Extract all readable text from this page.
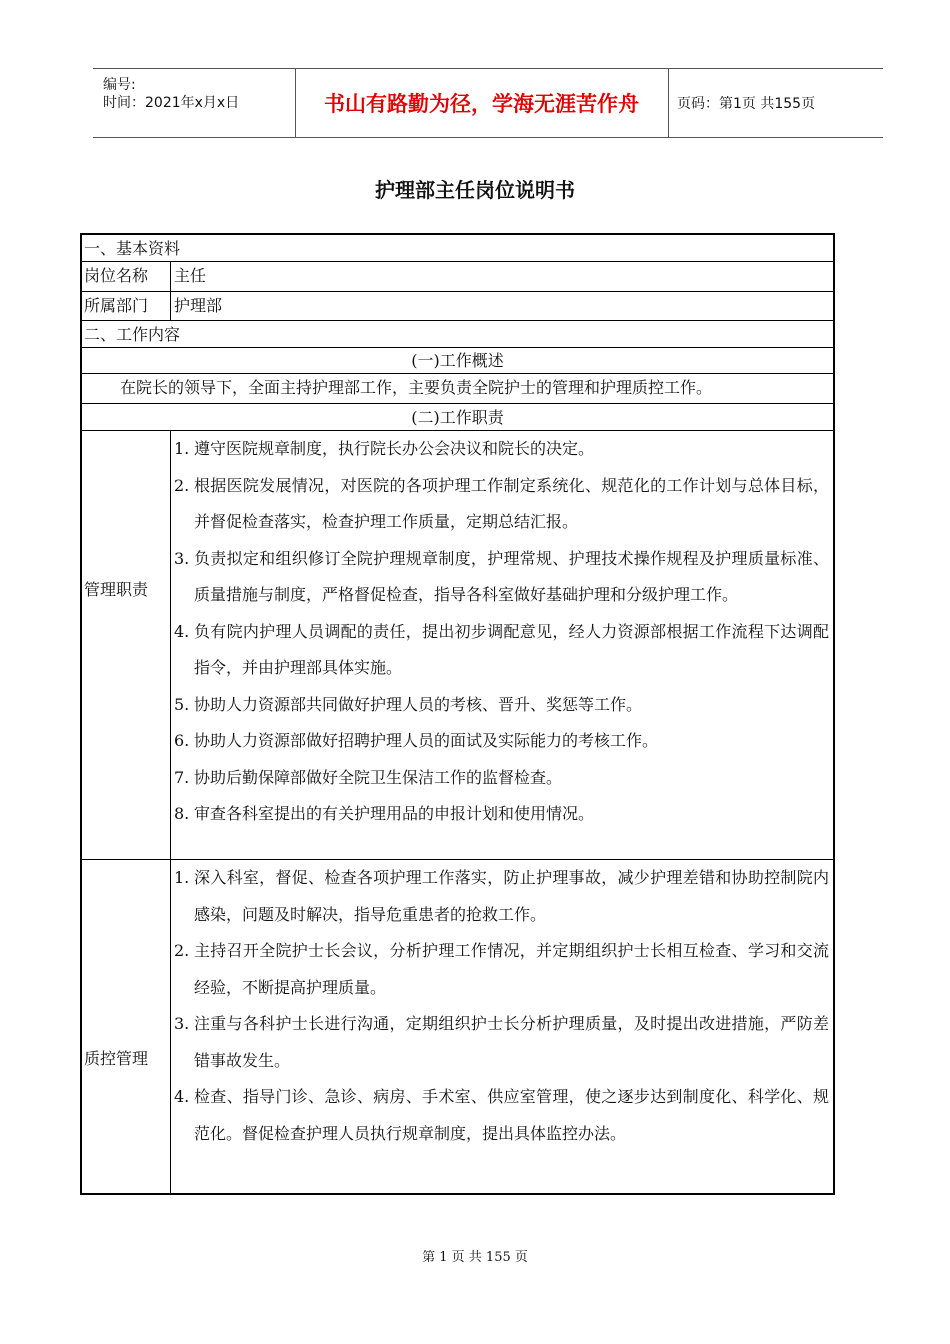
编号:
时间：2021年x月x日	书山有路勤为径，学海无涯苦作舟	页码：第1页 共155页
护理部主任岗位说明书
一、基本资料
岗位名称 主任
所属部门 护理部
二、工作内容
(一)工作概述
在院长的领导下，全面主持护理部工作，主要负责全院护士的管理和护理质控工作。
(二)工作职责
管理职责
1. 遵守医院规章制度，执行院长办公会决议和院长的决定。
2. 根据医院发展情况，对医院的各项护理工作制定系统化、规范化的工作计划与总体目标，并督促检查落实，检查护理工作质量，定期总结汇报。
3. 负责拟定和组织修订全院护理规章制度，护理常规、护理技术操作规程及护理质量标准、质量措施与制度，严格督促检查，指导各科室做好基础护理和分级护理工作。
4. 负有院内护理人员调配的责任，提出初步调配意见，经人力资源部根据工作流程下达调配指令，并由护理部具体实施。
5. 协助人力资源部共同做好护理人员的考核、晋升、奖惩等工作。
6. 协助人力资源部做好招聘护理人员的面试及实际能力的考核工作。
7. 协助后勤保障部做好全院卫生保洁工作的监督检查。
8. 审查各科室提出的有关护理用品的申报计划和使用情况。
质控管理
1. 深入科室，督促、检查各项护理工作落实，防止护理事故，减少护理差错和协助控制院内感染，问题及时解决，指导危重患者的抢救工作。
2. 主持召开全院护士长会议，分析护理工作情况，并定期组织护士长相互检查、学习和交流经验，不断提高护理质量。
3. 注重与各科护士长进行沟通，定期组织护士长分析护理质量，及时提出改进措施，严防差错事故发生。
4. 检查、指导门诊、急诊、病房、手术室、供应室管理，使之逐步达到制度化、科学化、规范化。督促检查护理人员执行规章制度，提出具体监控办法。
第 1 页 共 155 页
